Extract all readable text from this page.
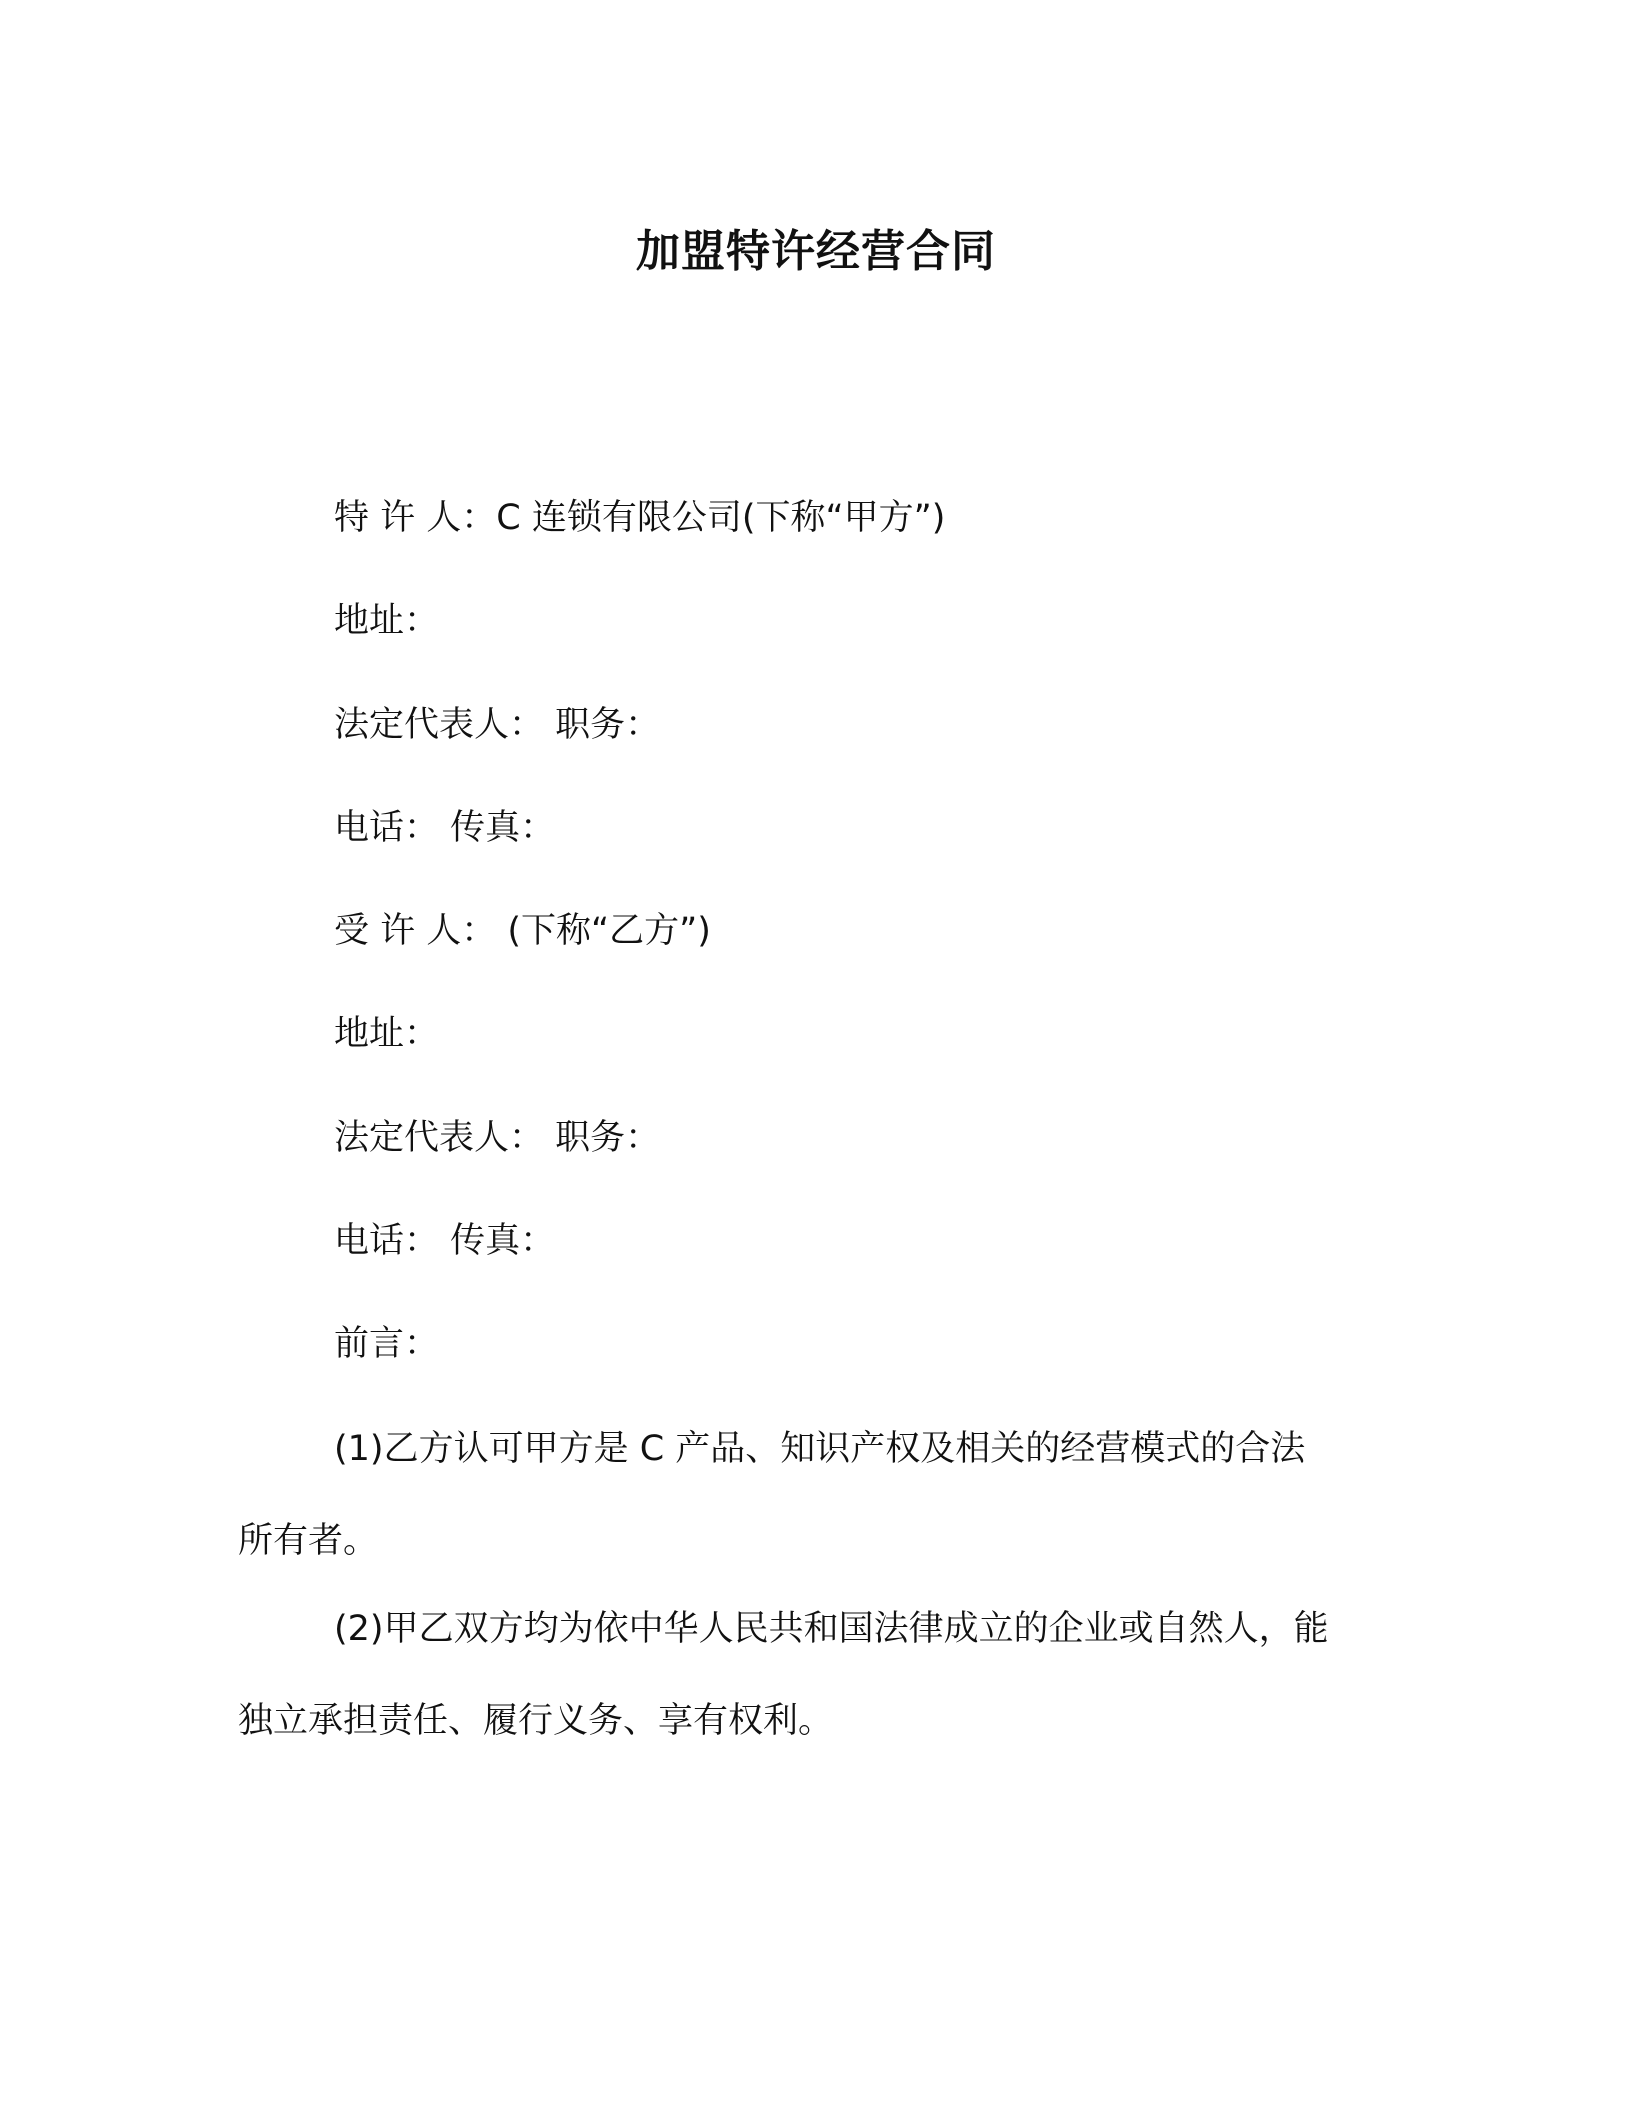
加盟特许经营合同
特 许 人：C 连锁有限公司(下称“甲方”)
地址：
法定代表人： 职务：
电话： 传真：
受 许 人： (下称“乙方”)
地址：
法定代表人： 职务：
电话： 传真：
前言：
(1)乙方认可甲方是 C 产品、知识产权及相关的经营模式的合法
所有者。
(2)甲乙双方均为依中华人民共和国法律成立的企业或自然人，能
独立承担责任、履行义务、享有权利。
